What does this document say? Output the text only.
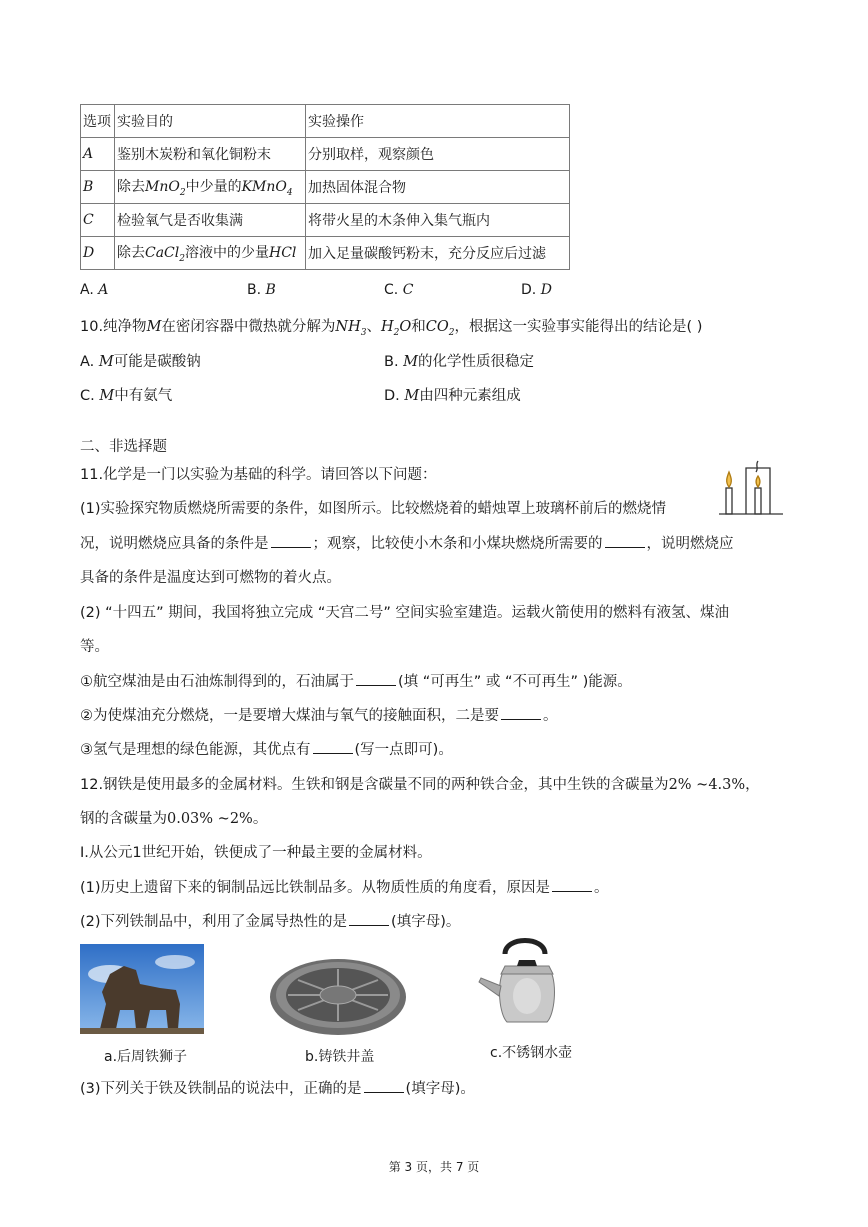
选项	实验目的	实验操作
A	鉴别木炭粉和氧化铜粉末	分别取样，观察颜色
B	除去MnO$_2$中少量的KMnO$_4$	加热固体混合物
C	检验氧气是否收集满	将带火星的木条伸入集气瓶内
D	除去CaCl$_2$溶液中的少量HCl	加入足量碳酸钙粉末，充分反应后过滤
A. A	B. B	C. C	D. D
10.纯净物M在密闭容器中微热就分解为$NH_3$、$H_2O$和$CO_2$，根据这一实验事实能得出的结论是( )
A. M可能是碳酸钠	B. M的化学性质很稳定
C. M中有氨气	D. M由四种元素组成
二、非选择题
11.化学是一门以实验为基础的科学。请回答以下问题：
(1)实验探究物质燃烧所需要的条件，如图所示。比较燃烧着的蜡烛罩上玻璃杯前后的燃烧情
况，说明燃烧应具备的条件是	；观察，比较使小木条和小煤块燃烧所需要的	，说明燃烧应
具备的条件是温度达到可燃物的着火点。
(2) “十四五” 期间，我国将独立完成 “天宫二号” 空间实验室建造。运载火箭使用的燃料有液氢、煤油
等。
①航空煤油是由石油炼制得到的，石油属于	(填 “可再生” 或 “不可再生” )能源。
②为使煤油充分燃烧，一是要增大煤油与氧气的接触面积，二是要	。
③氢气是理想的绿色能源，其优点有	(写一点即可)。
12.钢铁是使用最多的金属材料。生铁和钢是含碳量不同的两种铁合金，其中生铁的含碳量为2% ~4.3%，
钢的含碳量为0.03% ~2%。
Ⅰ.从公元1世纪开始，铁便成了一种最主要的金属材料。
(1)历史上遗留下来的铜制品远比铁制品多。从物质性质的角度看，原因是	。
(2)下列铁制品中，利用了金属导热性的是	(填字母)。
a.后周铁狮子	b.铸铁井盖	c.不锈钢水壶
(3)下列关于铁及铁制品的说法中，正确的是	(填字母)。
第 3 页，共 7 页
